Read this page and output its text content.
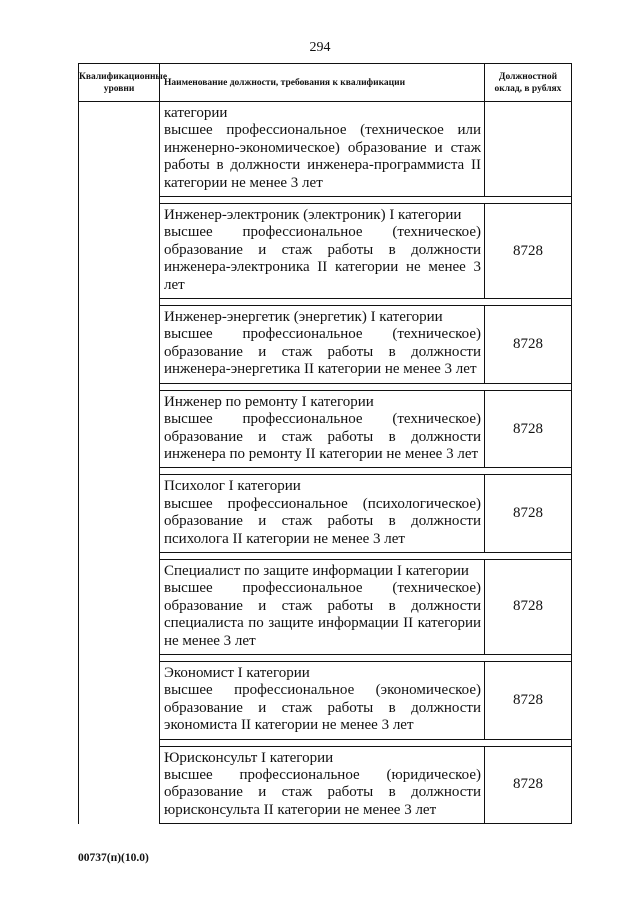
294
Квалификационные уровни	Наименование должности, требования к квалификации	Должностной оклад, в рублях

	категории
высшее профессиональное (техническое или инженерно-экономическое) образование и стаж работы в должности инженера-программиста II категории не менее 3 лет	

	Инженер-электроник (электроник) I категории
высшее профессиональное (техническое) образование и стаж работы в должности инженера-электроника II категории не менее 3 лет	8728

	Инженер-энергетик (энергетик) I категории
высшее профессиональное (техническое) образование и стаж работы в должности инженера-энергетика II категории не менее 3 лет	8728

	Инженер по ремонту I категории
высшее профессиональное (техническое) образование и стаж работы в должности инженера по ремонту II категории не менее 3 лет	8728

	Психолог I категории
высшее профессиональное (психологическое) образование и стаж работы в должности психолога II категории не менее 3 лет	8728

	Специалист по защите информации I категории
высшее профессиональное (техническое) образование и стаж работы в должности специалиста по защите информации II категории не менее 3 лет	8728

	Экономист I категории
высшее профессиональное (экономическое) образование и стаж работы в должности экономиста II категории не менее 3 лет	8728

	Юрисконсульт I категории
высшее профессиональное (юридическое) образование и стаж работы в должности юрисконсульта II категории не менее 3 лет	8728
00737(п)(10.0)
